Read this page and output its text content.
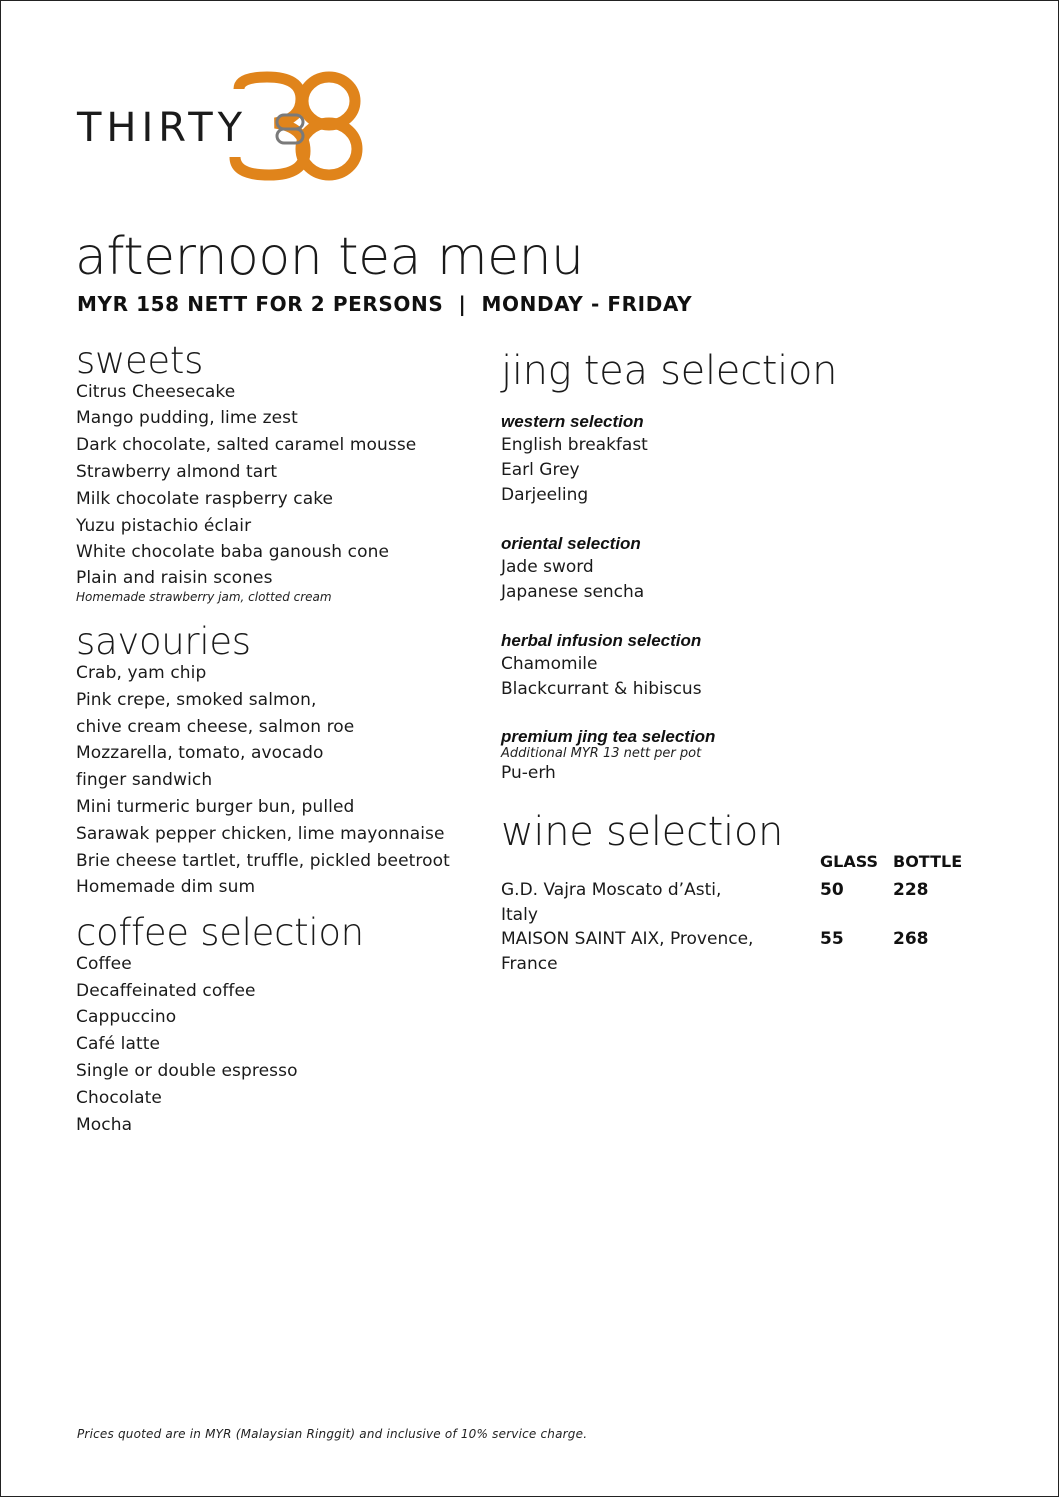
THIRTY
afternoon tea menu
MYR 158 NETT FOR 2 PERSONS  |  MONDAY - FRIDAY
sweets
Citrus Cheesecake
Mango pudding, lime zest
Dark chocolate, salted caramel mousse
Strawberry almond tart
Milk chocolate raspberry cake
Yuzu pistachio éclair
White chocolate baba ganoush cone
Plain and raisin scones
Homemade strawberry jam, clotted cream
savouries
Crab, yam chip
Pink crepe, smoked salmon,
chive cream cheese, salmon roe
Mozzarella, tomato, avocado
finger sandwich
Mini turmeric burger bun, pulled
Sarawak pepper chicken, lime mayonnaise
Brie cheese tartlet, truffle, pickled beetroot
Homemade dim sum
coffee selection
Coffee
Decaffeinated coffee
Cappuccino
Café latte
Single or double espresso
Chocolate
Mocha
jing tea selection
western selection
English breakfast
Earl Grey
Darjeeling
oriental selection
Jade sword
Japanese sencha
herbal infusion selection
Chamomile
Blackcurrant & hibiscus
premium jing tea selection
Additional MYR 13 nett per pot
Pu-erh
wine selection
GLASS BOTTLE
G.D. Vajra Moscato d’Asti,
Italy
50	228
MAISON SAINT AIX, Provence,
France
55	268
Prices quoted are in MYR (Malaysian Ringgit) and inclusive of 10% service charge.
